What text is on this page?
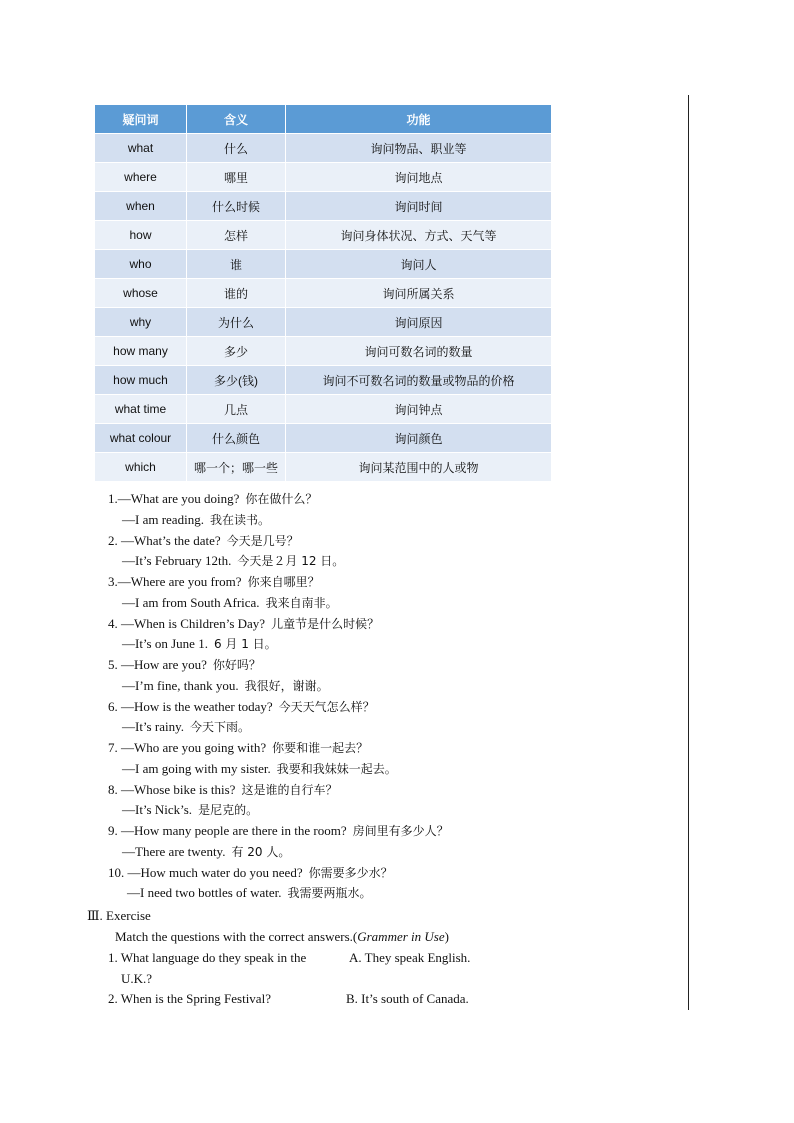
疑问词	含义	功能
what	什么	询问物品、职业等
where	哪里	询问地点
when	什么时候	询问时间
how	怎样	询问身体状况、方式、天气等
who	谁	询问人
whose	谁的	询问所属关系
why	为什么	询问原因
how many	多少	询问可数名词的数量
how much	多少(钱)	询问不可数名词的数量或物品的价格
what time	几点	询问钟点
what colour	什么颜色	询问颜色
which	哪一个；哪一些	询问某范围中的人或物
1.—What are you doing? 你在做什么？
—I am reading. 我在读书。
2. —What’s the date? 今天是几号？
—It’s February 12th. 今天是２月 12 日。
3.—Where are you from? 你来自哪里？
—I am from South Africa. 我来自南非。
4. —When is Children’s Day? 儿童节是什么时候？
—It’s on June 1. 6 月 1 日。
5. —How are you? 你好吗？
—I’m fine, thank you. 我很好，谢谢。
6. —How is the weather today? 今天天气怎么样？
—It’s rainy. 今天下雨。
7. —Who are you going with? 你要和谁一起去？
—I am going with my sister. 我要和我妹妹一起去。
8. —Whose bike is this? 这是谁的自行车？
—It’s Nick’s. 是尼克的。
9. —How many people are there in the room? 房间里有多少人？
—There are twenty. 有 20 人。
10. —How much water do you need? 你需要多少水？
—I need two bottles of water. 我需要两瓶水。
Ⅲ. Exercise
Match the questions with the correct answers.(Grammer in Use)
1. What language do they speak in the	A. They speak English.
U.K.?
2. When is the Spring Festival?	B. It’s south of Canada.
